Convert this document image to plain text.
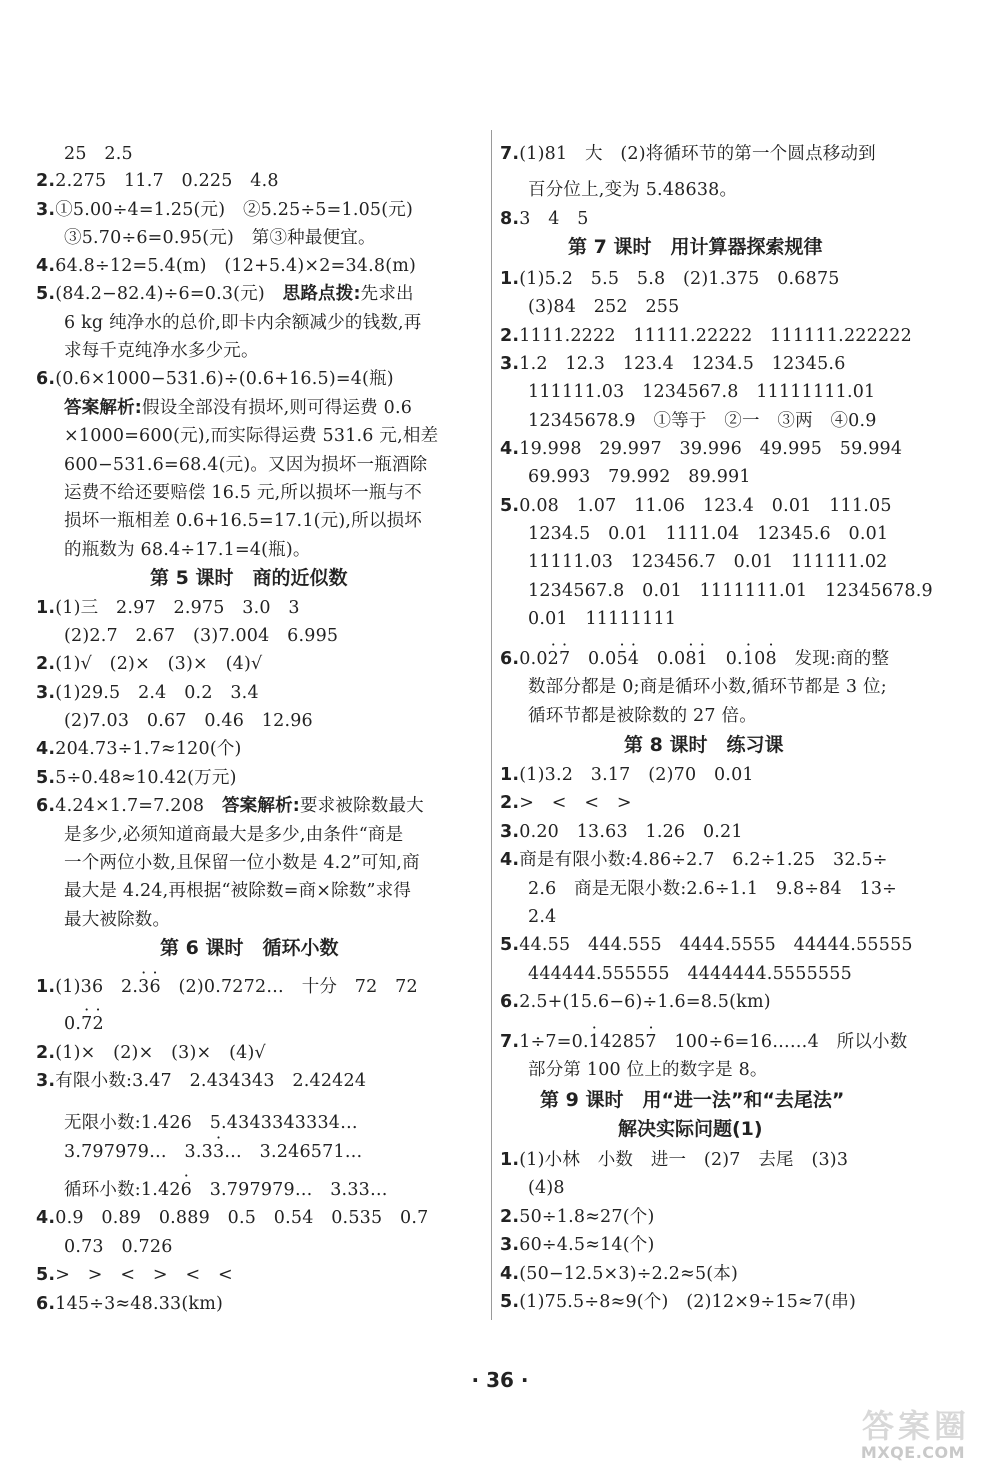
25　2.5
2.2.275　11.7　0.225　4.8
3.①5.00÷4=1.25(元)　②5.25÷5=1.05(元)
③5.70÷6=0.95(元)　第③种最便宜。
4.64.8÷12=5.4(m)　(12+5.4)×2=34.8(m)
5.(84.2−82.4)÷6=0.3(元)　 思路点拨:先求出
6 kg 纯净水的总价,即卡内余额减少的钱数,再
求每千克纯净水多少元。
6.(0.6×1000−531.6)÷(0.6+16.5)=4(瓶)
答案解析:假设全部没有损坏,则可得运费 0.6
×1000=600(元),而实际得运费 531.6 元,相差
600−531.6=68.4(元)。又因为损坏一瓶酒除
运费不给还要赔偿 16.5 元,所以损坏一瓶与不
损坏一瓶相差 0.6+16.5=17.1(元),所以损坏
的瓶数为 68.4÷17.1=4(瓶)。
第 5 课时　商的近似数
1.(1)三　2.97　2.975　3.0　3
(2)2.7　2.67　(3)7.004　6.995
2.(1)√　(2)×　(3)×　(4)√
3.(1)29.5　2.4　0.2　3.4
(2)7.03　0.67　0.46　12.96
4.204.73÷1.7≈120(个)
5.5÷0.48≈10.42(万元)
6.4.24×1.7=7.208　 答案解析:要求被除数最大
是多少,必须知道商最大是多少,由条件“商是
一个两位小数,且保留一位小数是 4.2”可知,商
最大是 4.24,再根据“被除数=商×除数”求得
最大被除数。
第 6 课时　循环小数
1.(1)36　2.· 3· 6　(2)0.7272…　十分　72　72
0.· 7· 2
2.(1)×　(2)×　(3)×　(4)√
3.有限小数:3.47　2.434343　2.42424
无限小数:1.426　5.4343343334…
3.797979…　3.3· 3…　3.246571…
循环小数:1.42· 6　3.797979…　3.33…
4.0.9　0.89　0.889　0.5　0.54　0.535　0.7
0.73　0.726
5.>　>　<　>　<　<
6.145÷3≈48.33(km)
7.(1)81　大　(2)将循环节的第一个圆点移动到
百分位上,变为 5.48638。
8.3　4　5
第 7 课时　用计算器探索规律
1.(1)5.2　5.5　5.8　(2)1.375　0.6875
(3)84　252　255
2.1111.2222　11111.22222　111111.222222
3.1.2　12.3　123.4　1234.5　12345.6
111111.03　1234567.8　11111111.01
12345678.9　①等于　②一　③两　④0.9
4.19.998　29.997　39.996　49.995　59.994
69.993　79.992　89.991
5.0.08　1.07　11.06　123.4　0.01　111.05
1234.5　0.01　1111.04　12345.6　0.01
11111.03　123456.7　0.01　111111.02
1234567.8　0.01　1111111.01　12345678.9
0.01　11111111
6.0.0· 2· 7　0.0· 5· 4　0.0· 8· 1　0.· 10· 8　发现:商的整
数部分都是 0;商是循环小数,循环节都是 3 位;
循环节都是被除数的 27 倍。
第 8 课时　练习课
1.(1)3.2　3.17　(2)70　0.01
2.>　<　<　>
3.0.20　13.63　1.26　0.21
4.商是有限小数:4.86÷2.7　6.2÷1.25　32.5÷
2.6　商是无限小数:2.6÷1.1　9.8÷84　13÷
2.4
5.44.55　444.555　4444.5555　44444.55555
444444.555555　4444444.5555555
6.2.5+(15.6−6)÷1.6=8.5(km)
7.1÷7=0.· 14285· 7　100÷6=16……4　所以小数
部分第 100 位上的数字是 8。
第 9 课时　用“进一法”和“去尾法”
解决实际问题(1)
1.(1)小林　小数　进一　(2)7　去尾　(3)3
(4)8
2.50÷1.8≈27(个)
3.60÷4.5≈14(个)
4.(50−12.5×3)÷2.2≈5(本)
5.(1)75.5÷8≈9(个)　(2)12×9÷15≈7(串)
· 36 ·
答案圈
MXQE.COM
